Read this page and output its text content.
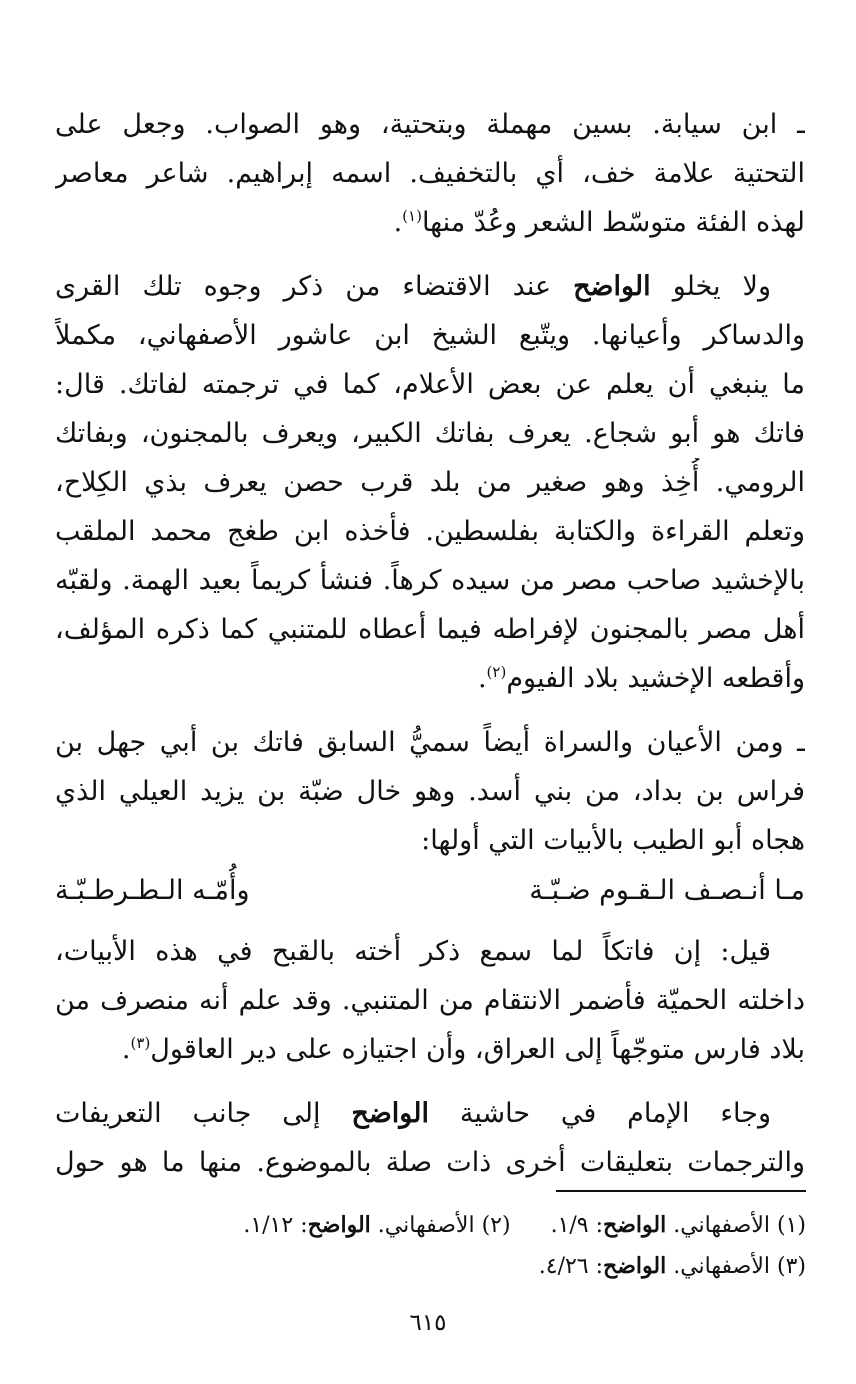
ـ ابن سيابة. بسين مهملة وبتحتية، وهو الصواب. وجعل على
التحتية علامة خف، أي بالتخفيف. اسمه إبراهيم. شاعر معاصر
لهذه الفئة متوسّط الشعر وعُدّ منها$^{(١)}$.
ولا يخلو الواضح عند الاقتضاء من ذكر وجوه تلك القرى
والدساكر وأعيانها. ويتّبع الشيخ ابن عاشور الأصفهاني، مكملاً
ما ينبغي أن يعلم عن بعض الأعلام، كما في ترجمته لفاتك. قال:
فاتك هو أبو شجاع. يعرف بفاتك الكبير، ويعرف بالمجنون، وبفاتك
الرومي. أُخِذ وهو صغير من بلد قرب حصن يعرف بذي الكِلاح،
وتعلم القراءة والكتابة بفلسطين. فأخذه ابن طغج محمد الملقب
بالإخشيد صاحب مصر من سيده كرهاً. فنشأ كريماً بعيد الهمة. ولقبّه
أهل مصر بالمجنون لإفراطه فيما أعطاه للمتنبي كما ذكره المؤلف،
وأقطعه الإخشيد بلاد الفيوم$^{(٢)}$.
ـ ومن الأعيان والسراة أيضاً سميُّ السابق فاتك بن أبي جهل بن
فراس بن بداد، من بني أسد. وهو خال ضبّة بن يزيد العيلي الذي
هجاه أبو الطيب بالأبيات التي أولها:
مـا أنـصـف الـقـوم ضـبّـة
وأُمّـه الـطـرطـبّـة
قيل: إن فاتكاً لما سمع ذكر أخته بالقبح في هذه الأبيات،
داخلته الحميّة فأضمر الانتقام من المتنبي. وقد علم أنه منصرف من
بلاد فارس متوجّهاً إلى العراق، وأن اجتيازه على دير العاقول$^{(٣)}$.
وجاء الإمام في حاشية الواضح إلى جانب التعريفات
والترجمات بتعليقات أخرى ذات صلة بالموضوع. منها ما هو حول
(١) الأصفهاني. الواضح: ١/٩.
(٢) الأصفهاني. الواضح: ١/١٢.
(٣) الأصفهاني. الواضح: ٤/٢٦.
٦١٥
